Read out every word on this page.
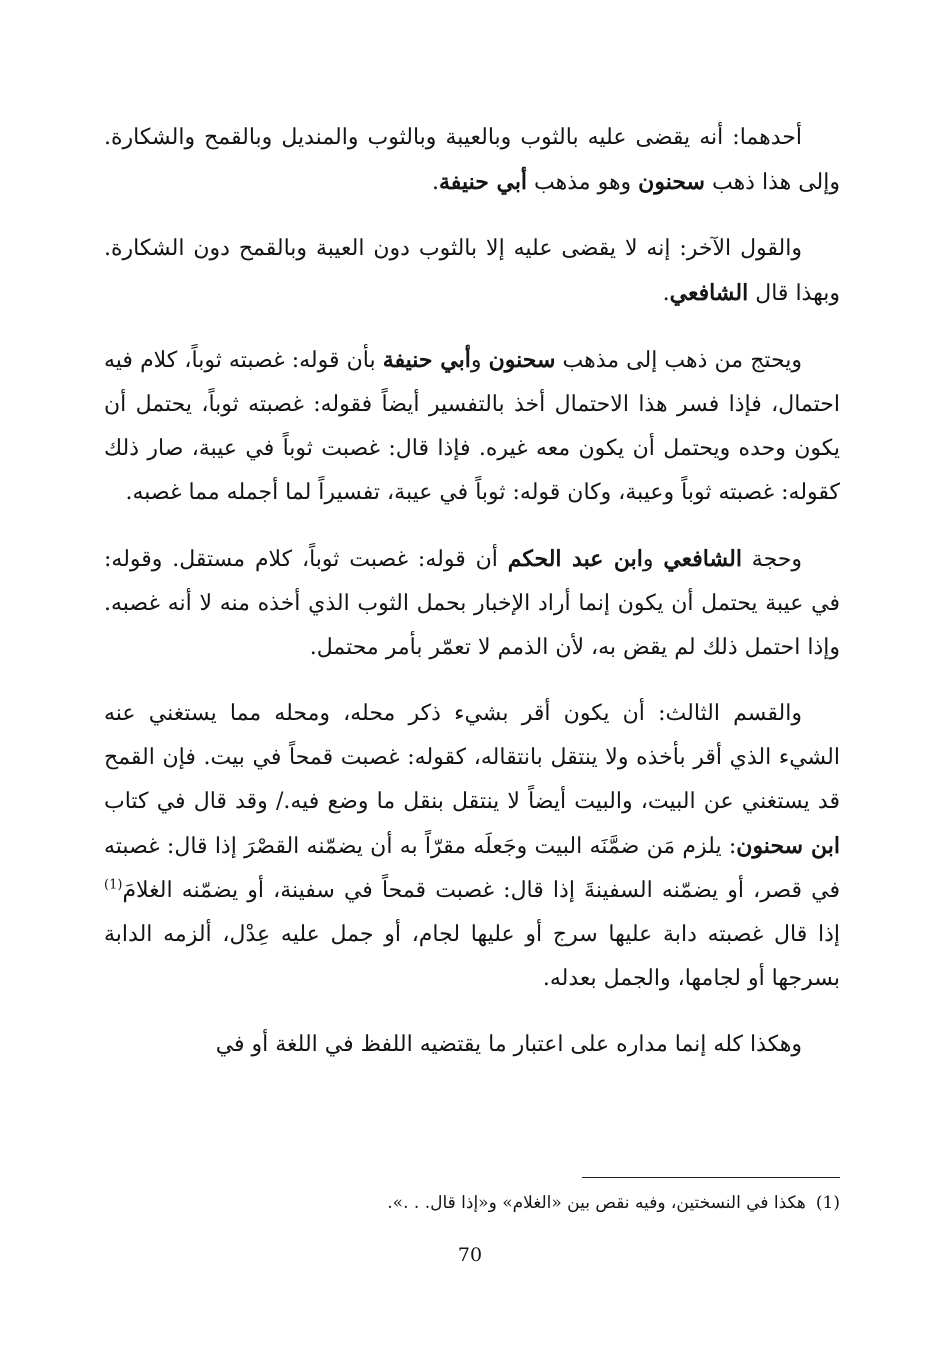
أحدهما: أنه يقضى عليه بالثوب وبالعيبة وبالثوب والمنديل وبالقمح والشكارة. وإلى هذا ذهب سحنون وهو مذهب أبي حنيفة.

والقول الآخر: إنه لا يقضى عليه إلا بالثوب دون العيبة وبالقمح دون الشكارة. وبهذا قال الشافعي.

ويحتج من ذهب إلى مذهب سحنون وأبي حنيفة بأن قوله: غصبته ثوباً، كلام فيه احتمال، فإذا فسر هذا الاحتمال أخذ بالتفسير أيضاً فقوله: غصبته ثوباً، يحتمل أن يكون وحده ويحتمل أن يكون معه غيره. فإذا قال: غصبت ثوباً في عيبة، صار ذلك كقوله: غصبته ثوباً وعيبة، وكان قوله: ثوباً في عيبة، تفسيراً لما أجمله مما غصبه.

وحجة الشافعي وابن عبد الحكم أن قوله: غصبت ثوباً، كلام مستقل. وقوله: في عيبة يحتمل أن يكون إنما أراد الإخبار بحمل الثوب الذي أخذه منه لا أنه غصبه. وإذا احتمل ذلك لم يقض به، لأن الذمم لا تعمّر بأمر محتمل.

والقسم الثالث: أن يكون أقر بشيء ذكر محله، ومحله مما يستغني عنه الشيء الذي أقر بأخذه ولا ينتقل بانتقاله، كقوله: غصبت قمحاً في بيت. فإن القمح قد يستغني عن البيت، والبيت أيضاً لا ينتقل بنقل ما وضع فيه./ وقد قال في كتاب ابن سحنون: يلزم مَن ضمَّنَه البيت وجَعلَه مقرّاً به أن يضمّنه القصْرَ إذا قال: غصبته في قصر، أو يضمّنه السفينةَ إذا قال: غصبت قمحاً في سفينة، أو يضمّنه الغلامَ$^{(1)}$ إذا قال غصبته دابة عليها سرج أو عليها لجام، أو جمل عليه عِدْل، ألزمه الدابة بسرجها أو لجامها، والجمل بعدله.

وهكذا كله إنما مداره على اعتبار ما يقتضيه اللفظ في اللغة أو في

(1)هكذا في النسختين، وفيه نقص بين «الغلام» و«إذا قال. . .».
70
